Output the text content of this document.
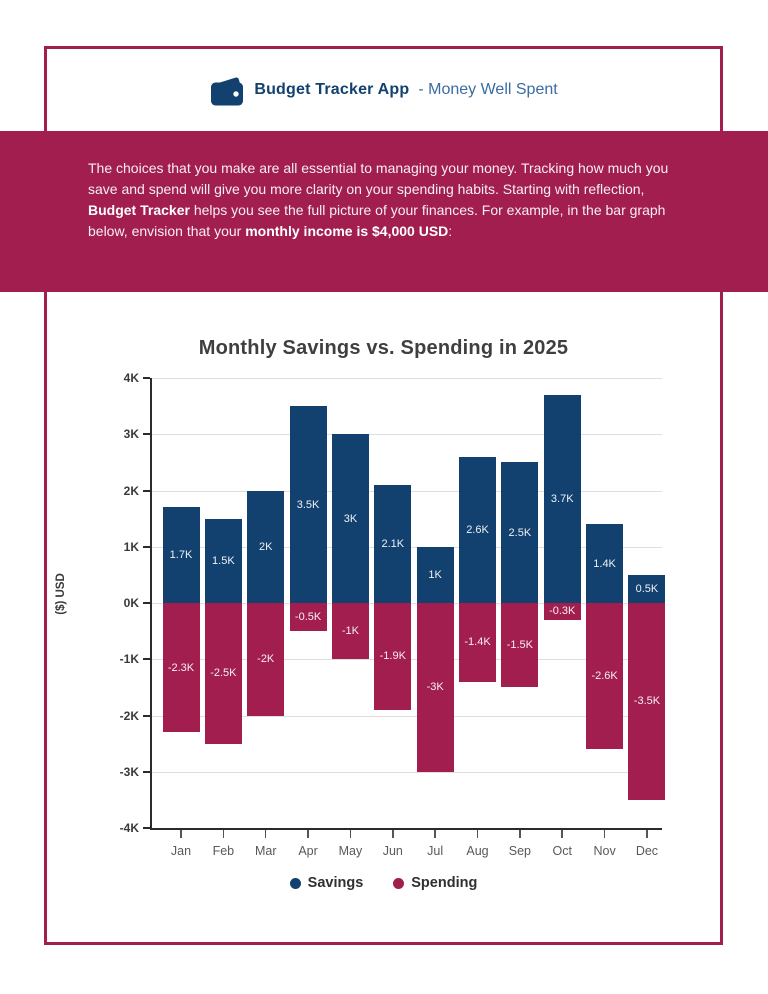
Budget Tracker App - Money Well Spent

The choices that you make are all essential to managing your money. Tracking how much you save and spend will give you more clarity on your spending habits. Starting with reflection, Budget Tracker helps you see the full picture of your finances. For example, in the bar graph below, envision that your monthly income is $4,000 USD:

Monthly Savings vs. Spending in 2025
($) USD
4K
3K
2K
1K
0K
-1K
-2K
-3K
-4K
1.7K
-2.3K
Jan
1.5K
-2.5K
Feb
2K
-2K
Mar
3.5K
-0.5K
Apr
3K
-1K
May
2.1K
-1.9K
Jun
1K
-3K
Jul
2.6K
-1.4K
Aug
2.5K
-1.5K
Sep
3.7K
-0.3K
Oct
1.4K
-2.6K
Nov
0.5K
-3.5K
Dec
Savings	Spending
